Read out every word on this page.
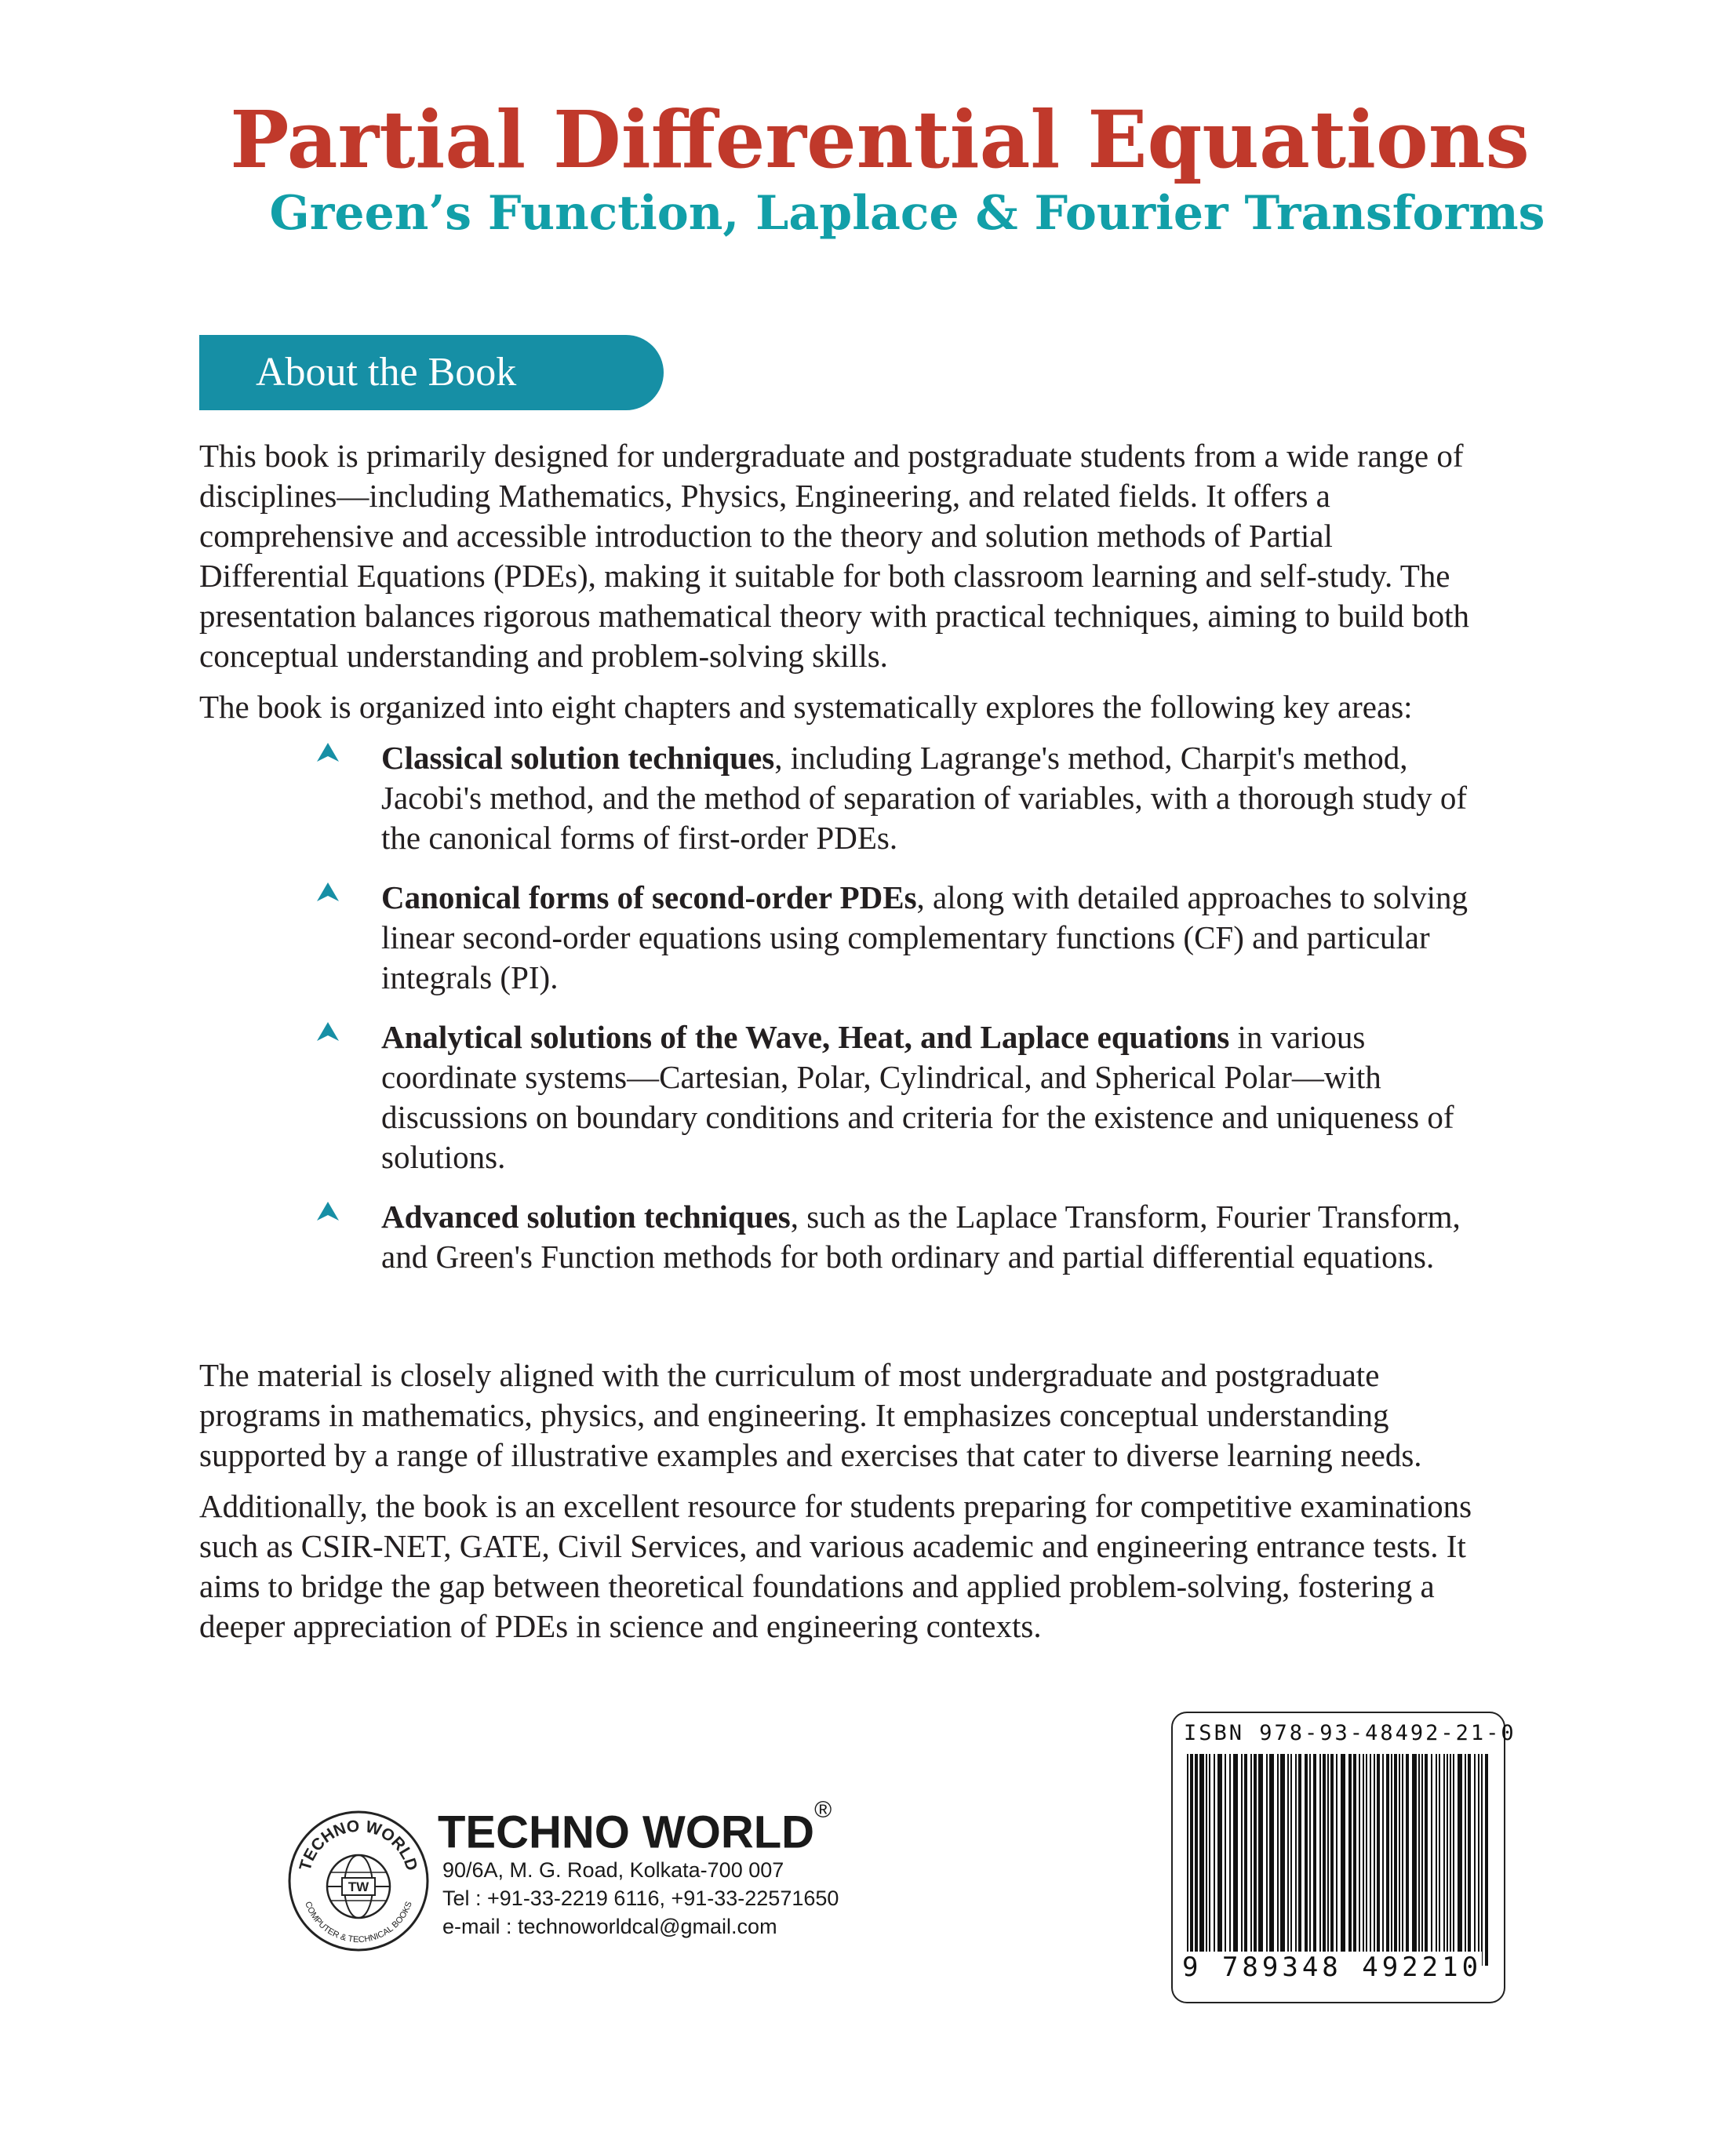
Partial Differential Equations
Green’s Function, Laplace & Fourier Transforms
About the Book

This book is primarily designed for undergraduate and postgraduate students from a wide range of
disciplines—including Mathematics, Physics, Engineering, and related fields. It offers a
comprehensive and accessible introduction to the theory and solution methods of Partial
Differential Equations (PDEs), making it suitable for both classroom learning and self-study. The
presentation balances rigorous mathematical theory with practical techniques, aiming to build both
conceptual understanding and problem-solving skills.

The book is organized into eight chapters and systematically explores the following key areas:

Classical solution techniques, including Lagrange's method, Charpit's method,
Jacobi's method, and the method of separation of variables, with a thorough study of
the canonical forms of first-order PDEs.
Canonical forms of second-order PDEs, along with detailed approaches to solving
linear second-order equations using complementary functions (CF) and particular
integrals (PI).
Analytical solutions of the Wave, Heat, and Laplace equations in various
coordinate systems—Cartesian, Polar, Cylindrical, and Spherical Polar—with
discussions on boundary conditions and criteria for the existence and uniqueness of
solutions.
Advanced solution techniques, such as the Laplace Transform, Fourier Transform,
and Green's Function methods for both ordinary and partial differential equations.

The material is closely aligned with the curriculum of most undergraduate and postgraduate
programs in mathematics, physics, and engineering. It emphasizes conceptual understanding
supported by a range of illustrative examples and exercises that cater to diverse learning needs.

Additionally, the book is an excellent resource for students preparing for competitive examinations
such as CSIR-NET, GATE, Civil Services, and various academic and engineering entrance tests. It
aims to bridge the gap between theoretical foundations and applied problem-solving, fostering a
deeper appreciation of PDEs in science and engineering contexts.

TECHNO WORLD
COMPUTER & TECHNICAL BOOKS
TW
TECHNO WORLD®
90/6A, M. G. Road, Kolkata-700 007
Tel : +91-33-2219 6116, +91-33-22571650
e-mail : technoworldcal@gmail.com
ISBN 978-93-48492-21-0
9 789348 492210
